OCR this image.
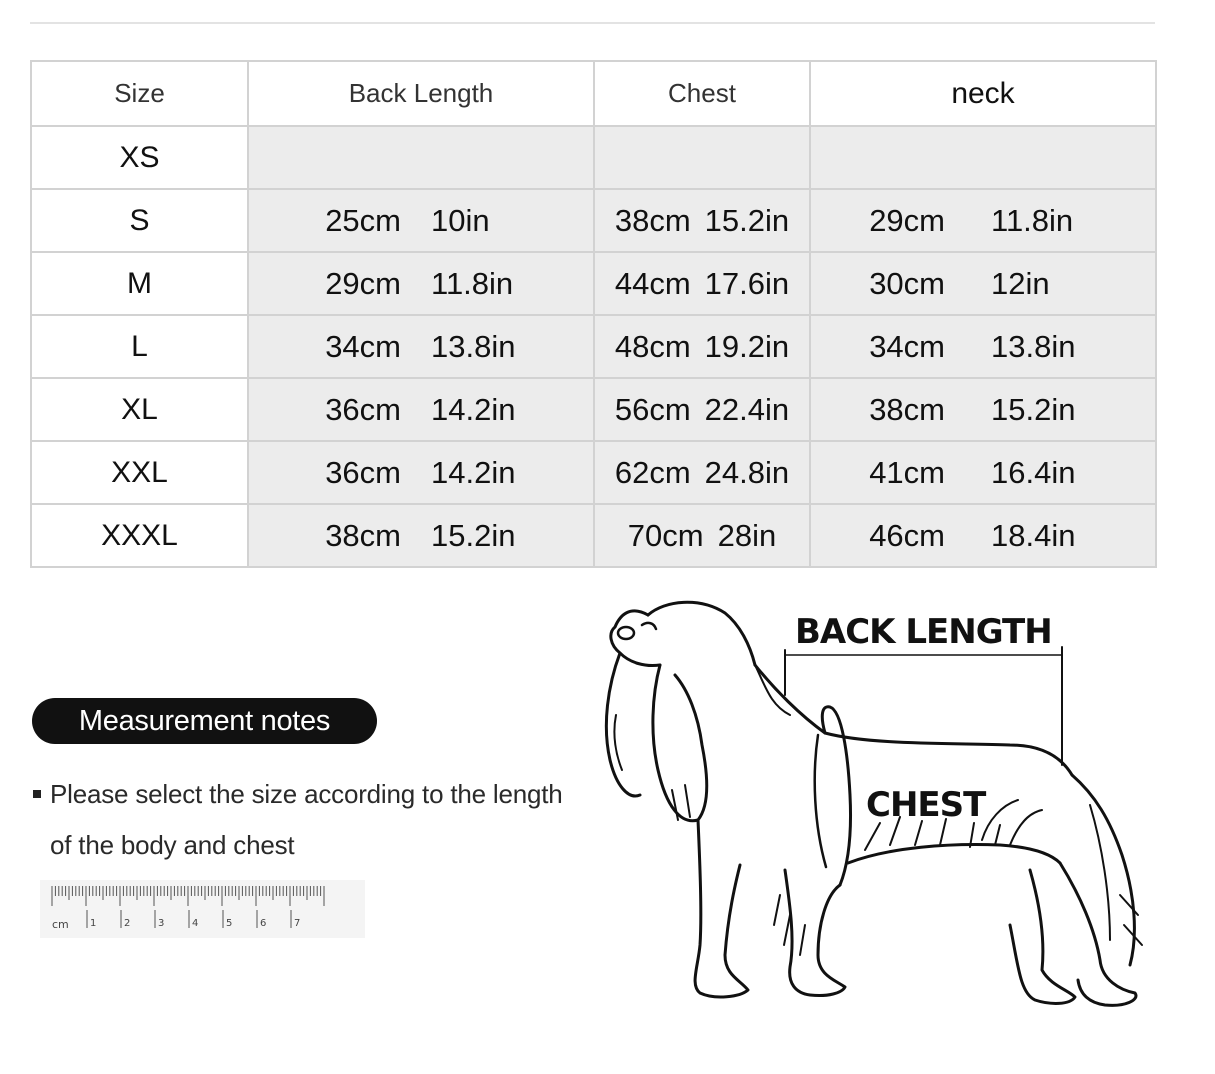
Size	Back Length	Chest	neck
XS			
S	25cm 10in	38cm 15.2in	29cm 11.8in
M	29cm 11.8in	44cm 17.6in	30cm 12in
L	34cm 13.8in	48cm 19.2in	34cm 13.8in
XL	36cm 14.2in	56cm 22.4in	38cm 15.2in
XXL	36cm 14.2in	62cm 24.8in	41cm 16.4in
XXXL	38cm 15.2in	70cm 28in	46cm 18.4in
Measurement notes
Please select the size according to the length
of the body and chest
cm 1	2	3	4	5	6	7
BACK LENGTH
CHEST
